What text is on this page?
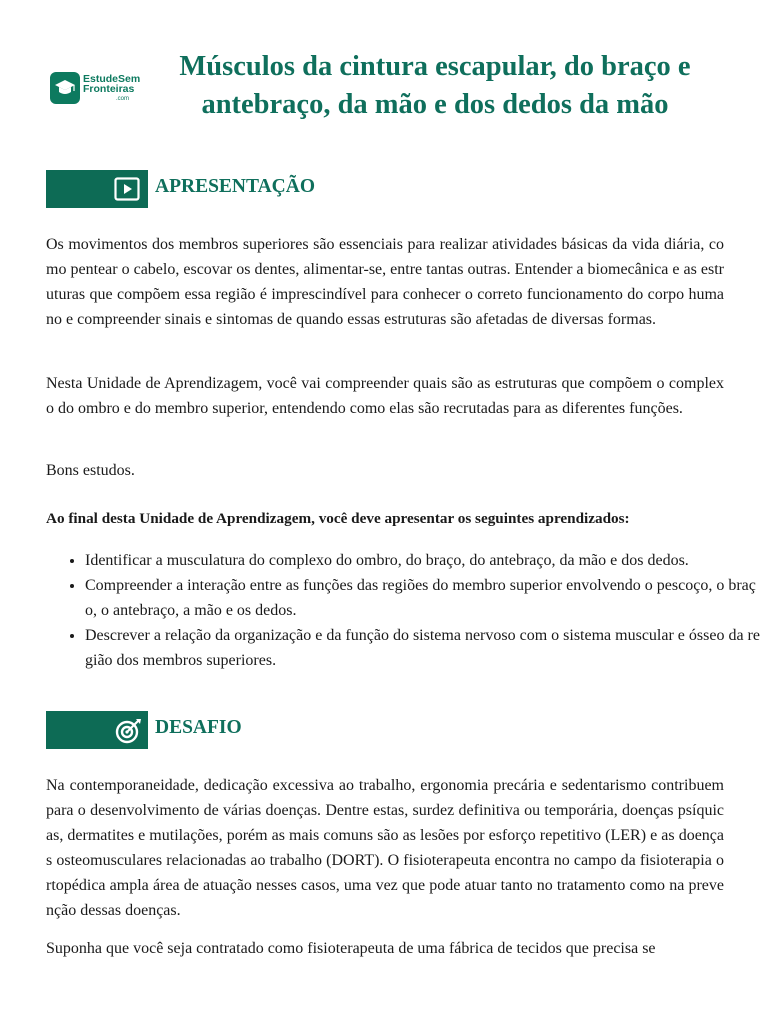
EstudeSem
Fronteiras
.com
Músculos da cintura escapular, do braço e antebraço, da mão e dos dedos da mão
APRESENTAÇÃO

Os movimentos dos membros superiores são essenciais para realizar atividades básicas da vida diária, como pentear o cabelo, escovar os dentes, alimentar-se, entre tantas outras. Entender a biomecânica e as estruturas que compõem essa região é imprescindível para conhecer o correto funcionamento do corpo humano e compreender sinais e sintomas de quando essas estruturas são afetadas de diversas formas.

Nesta Unidade de Aprendizagem, você vai compreender quais são as estruturas que compõem o complexo do ombro e do membro superior, entendendo como elas são recrutadas para as diferentes funções.

Bons estudos.

Ao final desta Unidade de Aprendizagem, você deve apresentar os seguintes aprendizados:

• Identificar a musculatura do complexo do ombro, do braço, do antebraço, da mão e dos dedos.
• Compreender a interação entre as funções das regiões do membro superior envolvendo o pescoço, o braço, o antebraço, a mão e os dedos.
• Descrever a relação da organização e da função do sistema nervoso com o sistema muscular e ósseo da região dos membros superiores.
DESAFIO

Na contemporaneidade, dedicação excessiva ao trabalho, ergonomia precária e sedentarismo contribuem para o desenvolvimento de várias doenças. Dentre estas, surdez definitiva ou temporária, doenças psíquicas, dermatites e mutilações, porém as mais comuns são as lesões por esforço repetitivo (LER) e as doenças osteomusculares relacionadas ao trabalho (DORT). O fisioterapeuta encontra no campo da fisioterapia ortopédica ampla área de atuação nesses casos, uma vez que pode atuar tanto no tratamento como na prevenção dessas doenças.

Suponha que você seja contratado como fisioterapeuta de uma fábrica de tecidos que precisa se
